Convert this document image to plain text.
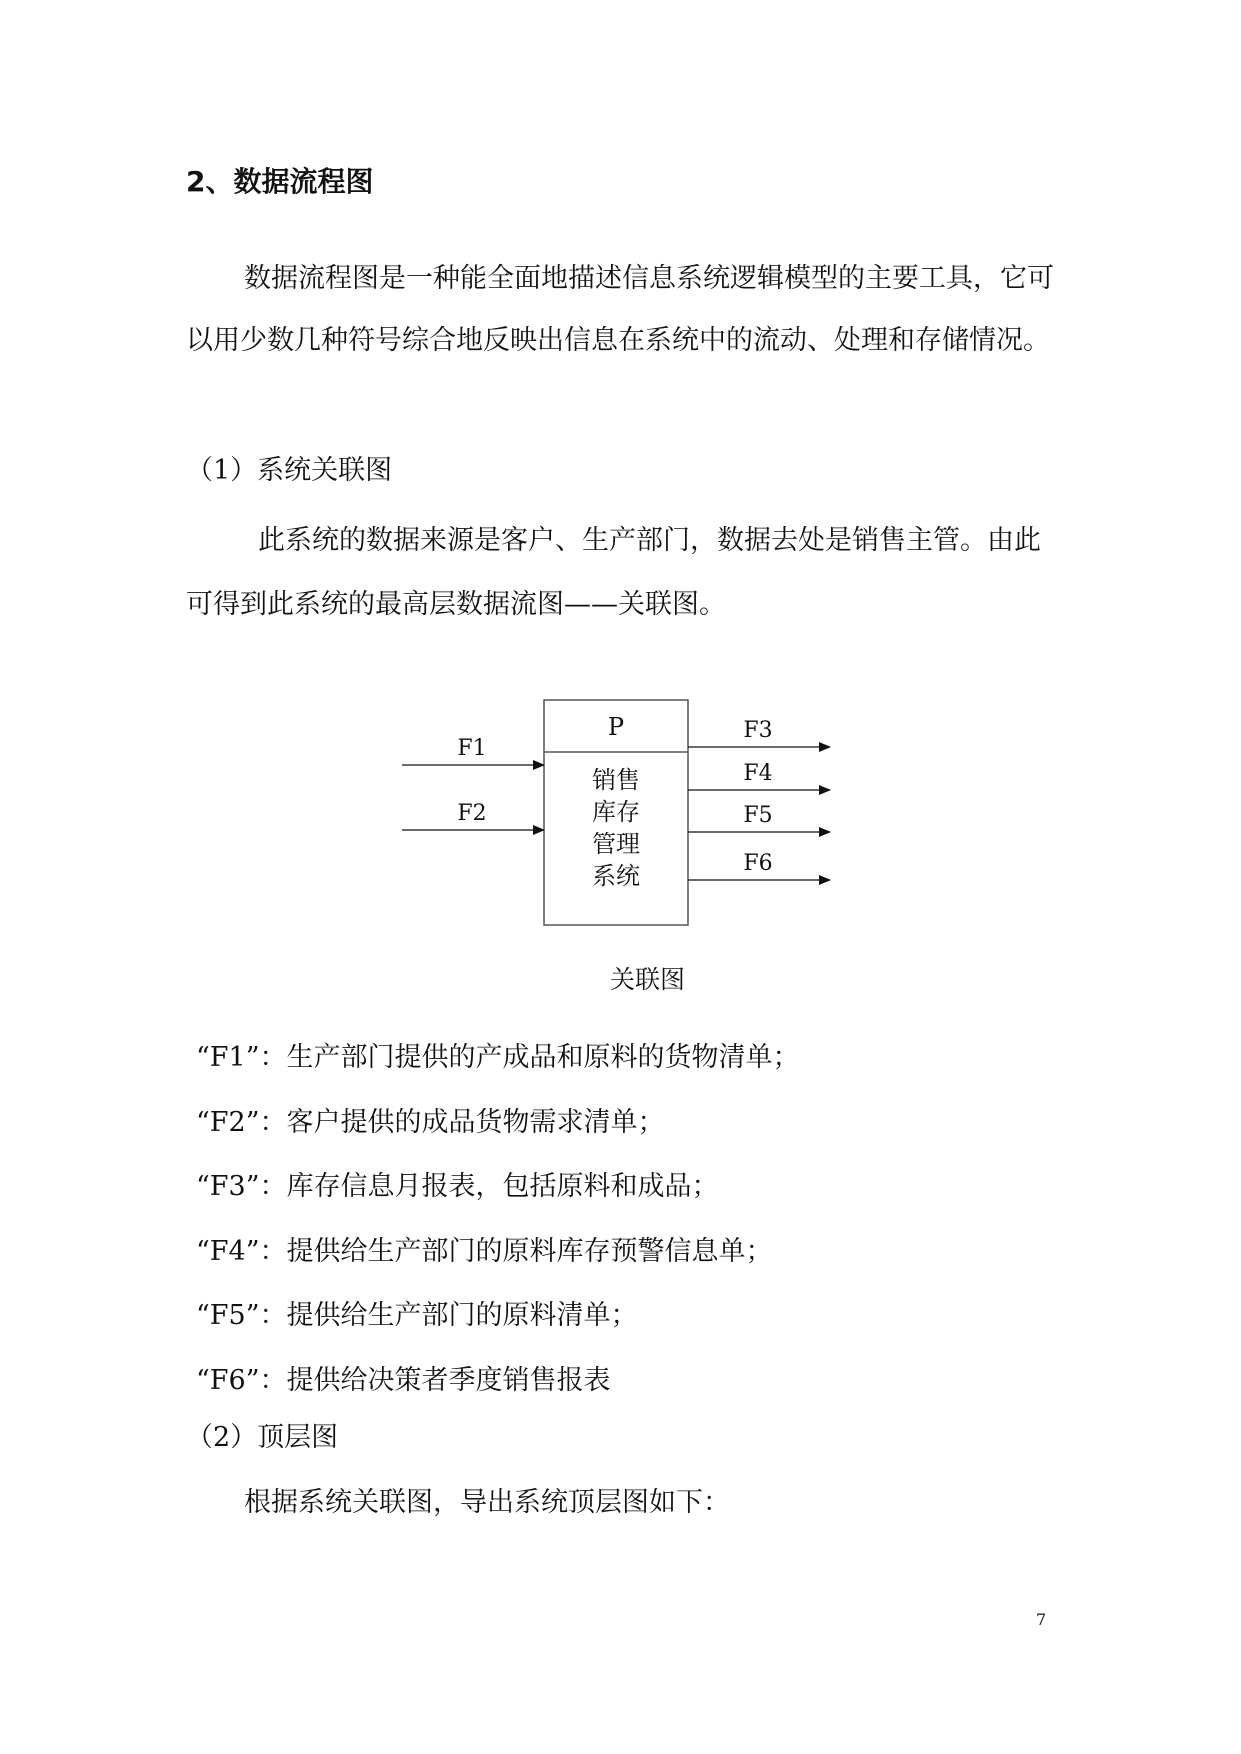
2、数据流程图
数据流程图是一种能全面地描述信息系统逻辑模型的主要工具，它可以用少数几种符号综合地反映出信息在系统中的流动、处理和存储情况。
（1）系统关联图
此系统的数据来源是客户、生产部门，数据去处是销售主管。由此可得到此系统的最高层数据流图——关联图。
P
销售
库存
管理
系统
F1
F2
F3
F4
F5
F6
关联图
“F1”：生产部门提供的产成品和原料的货物清单；
“F2”：客户提供的成品货物需求清单；
“F3”：库存信息月报表，包括原料和成品；
“F4”：提供给生产部门的原料库存预警信息单；
“F5”：提供给生产部门的原料清单；
“F6”：提供给决策者季度销售报表
（2）顶层图
根据系统关联图，导出系统顶层图如下：
7
